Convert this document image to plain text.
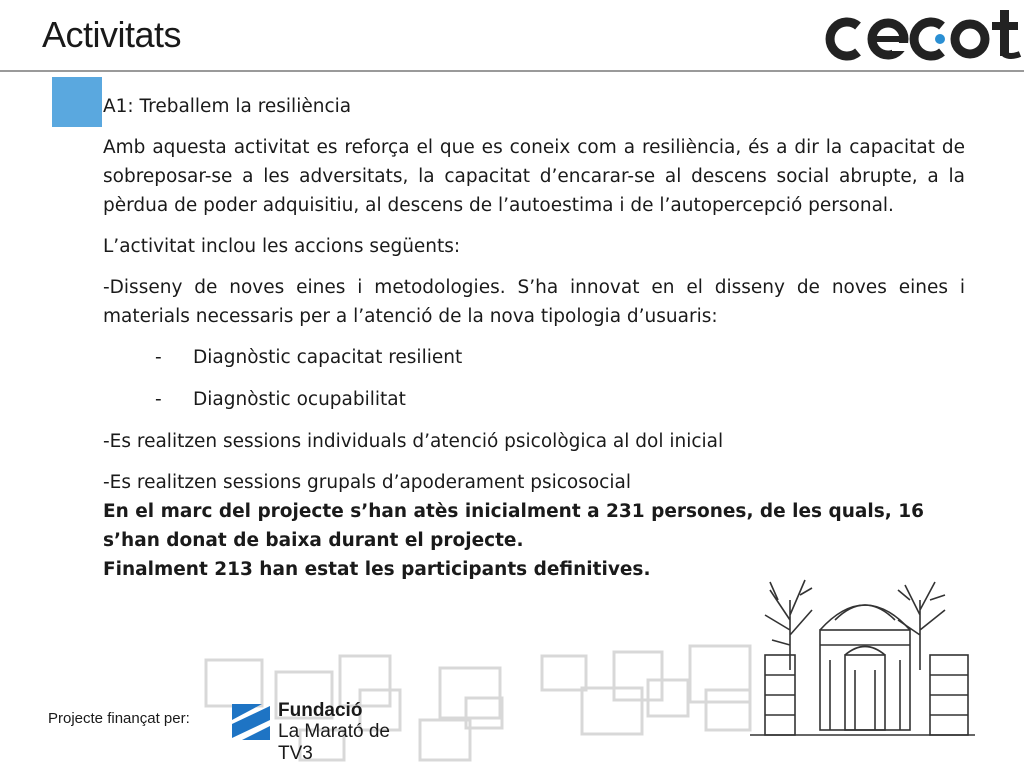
Activitats

A1: Treballem la resiliència

Amb aquesta activitat es reforça el que es coneix com a resiliència, és a dir la capacitat de sobreposar-se a les adversitats, la capacitat d’encarar-se al descens social abrupte, a la pèrdua de poder adquisitiu, al descens de l’autoestima i de l’autopercepció personal.

L’activitat inclou les accions següents:

-Disseny de noves eines i metodologies. S’ha innovat en el disseny de noves eines i materials necessaris per a l’atenció de la nova tipologia d’usuaris:

-	Diagnòstic capacitat resilient

-	Diagnòstic ocupabilitat

-Es realitzen sessions individuals d’atenció psicològica al dol inicial

-Es realitzen sessions grupals d’apoderament psicosocial

En el marc del projecte s’han atès inicialment a 231 persones, de les quals, 16 s’han donat de baixa durant el projecte.

Finalment 213 han estat les participants definitives.

Projecte finançat per:	Fundació
La Marató de TV3
